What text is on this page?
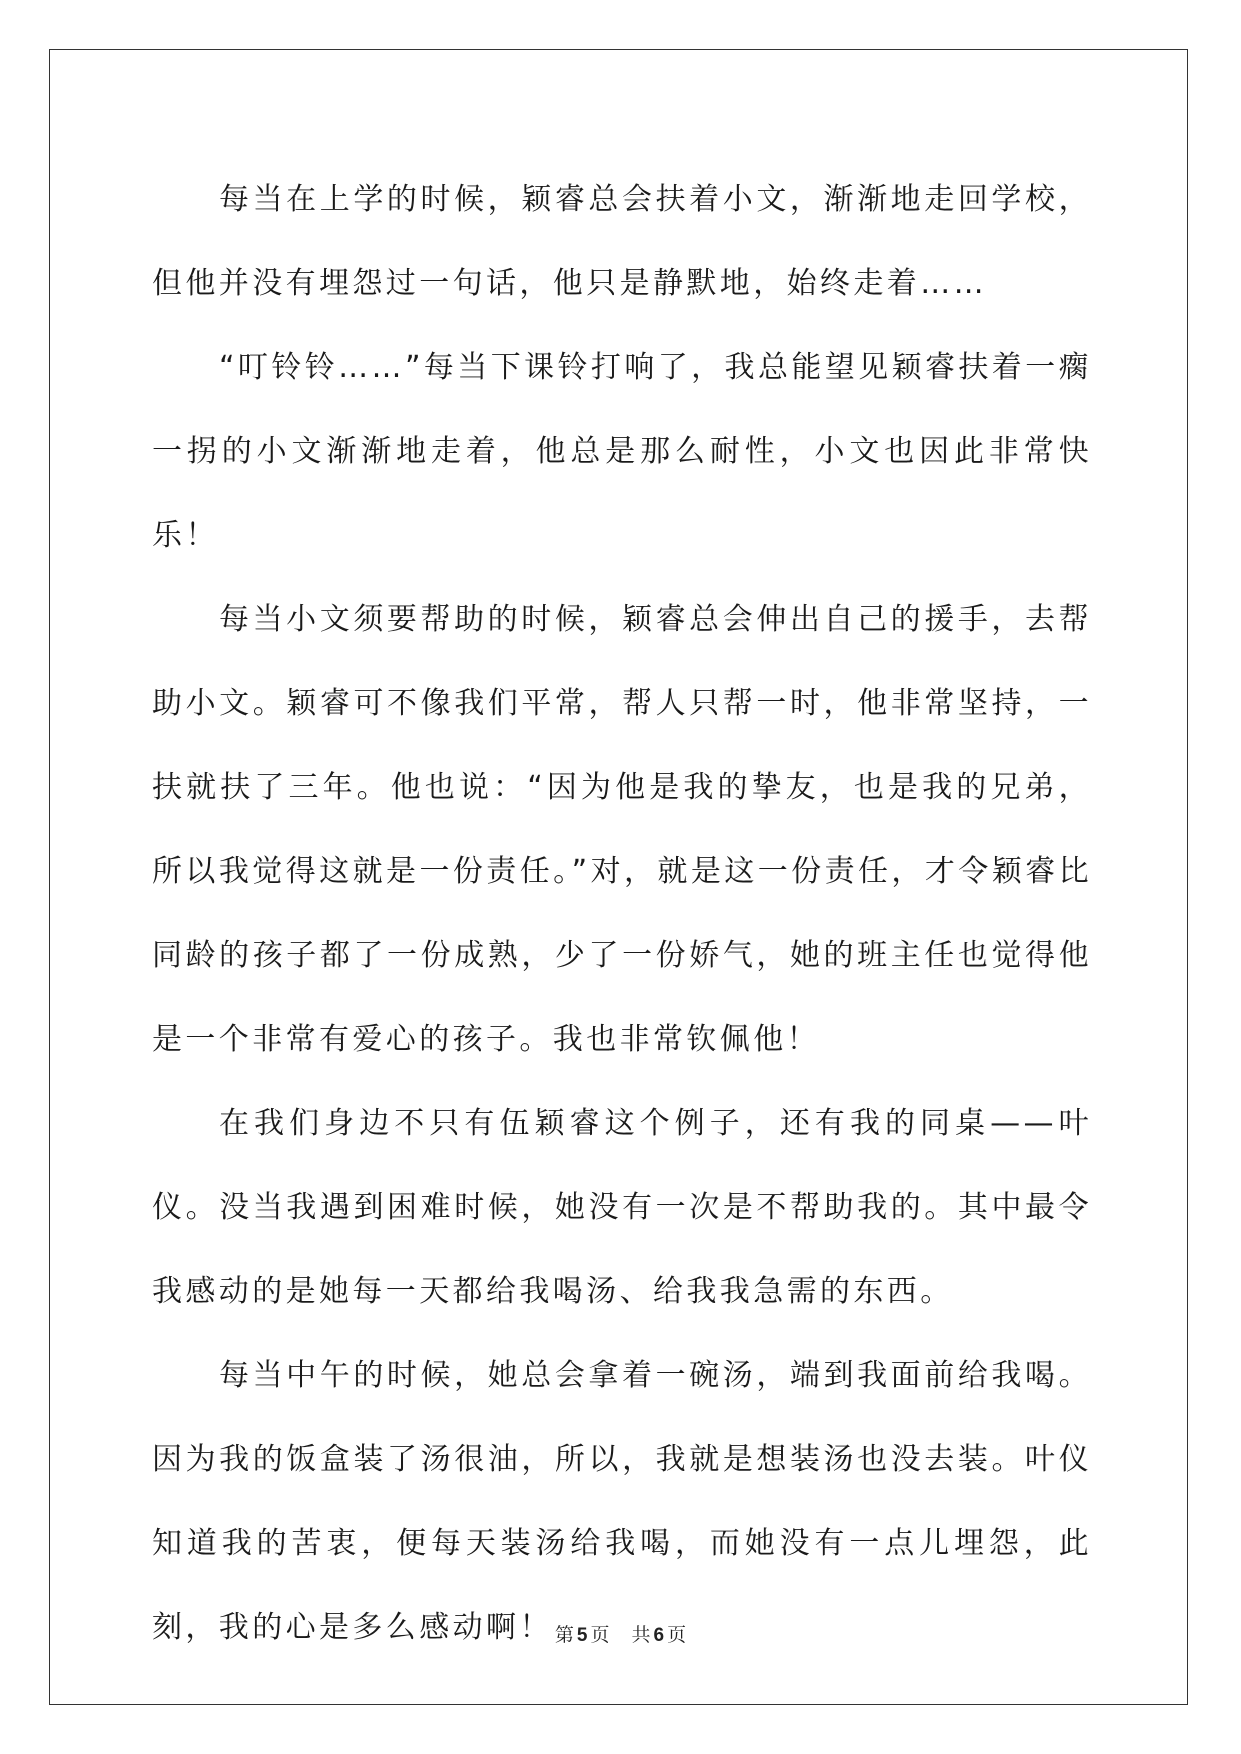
每当在上学的时候，颖睿总会扶着小文，渐渐地走回学校，但他并没有埋怨过一句话，他只是静默地，始终走着……

“叮铃铃……”每当下课铃打响了，我总能望见颖睿扶着一瘸一拐的小文渐渐地走着，他总是那么耐性，小文也因此非常快乐！

每当小文须要帮助的时候，颖睿总会伸出自己的援手，去帮助小文。颖睿可不像我们平常，帮人只帮一时，他非常坚持，一扶就扶了三年。他也说：“因为他是我的挚友，也是我的兄弟，所以我觉得这就是一份责任。”对，就是这一份责任，才令颖睿比同龄的孩子都了一份成熟，少了一份娇气，她的班主任也觉得他是一个非常有爱心的孩子。我也非常钦佩他！

在我们身边不只有伍颖睿这个例子，还有我的同桌——叶仪。没当我遇到困难时候，她没有一次是不帮助我的。其中最令我感动的是她每一天都给我喝汤、给我我急需的东西。

每当中午的时候，她总会拿着一碗汤，端到我面前给我喝。因为我的饭盒装了汤很油，所以，我就是想装汤也没去装。叶仪知道我的苦衷，便每天装汤给我喝，而她没有一点儿埋怨，此刻，我的心是多么感动啊！ 第 5 页 共 6 页
